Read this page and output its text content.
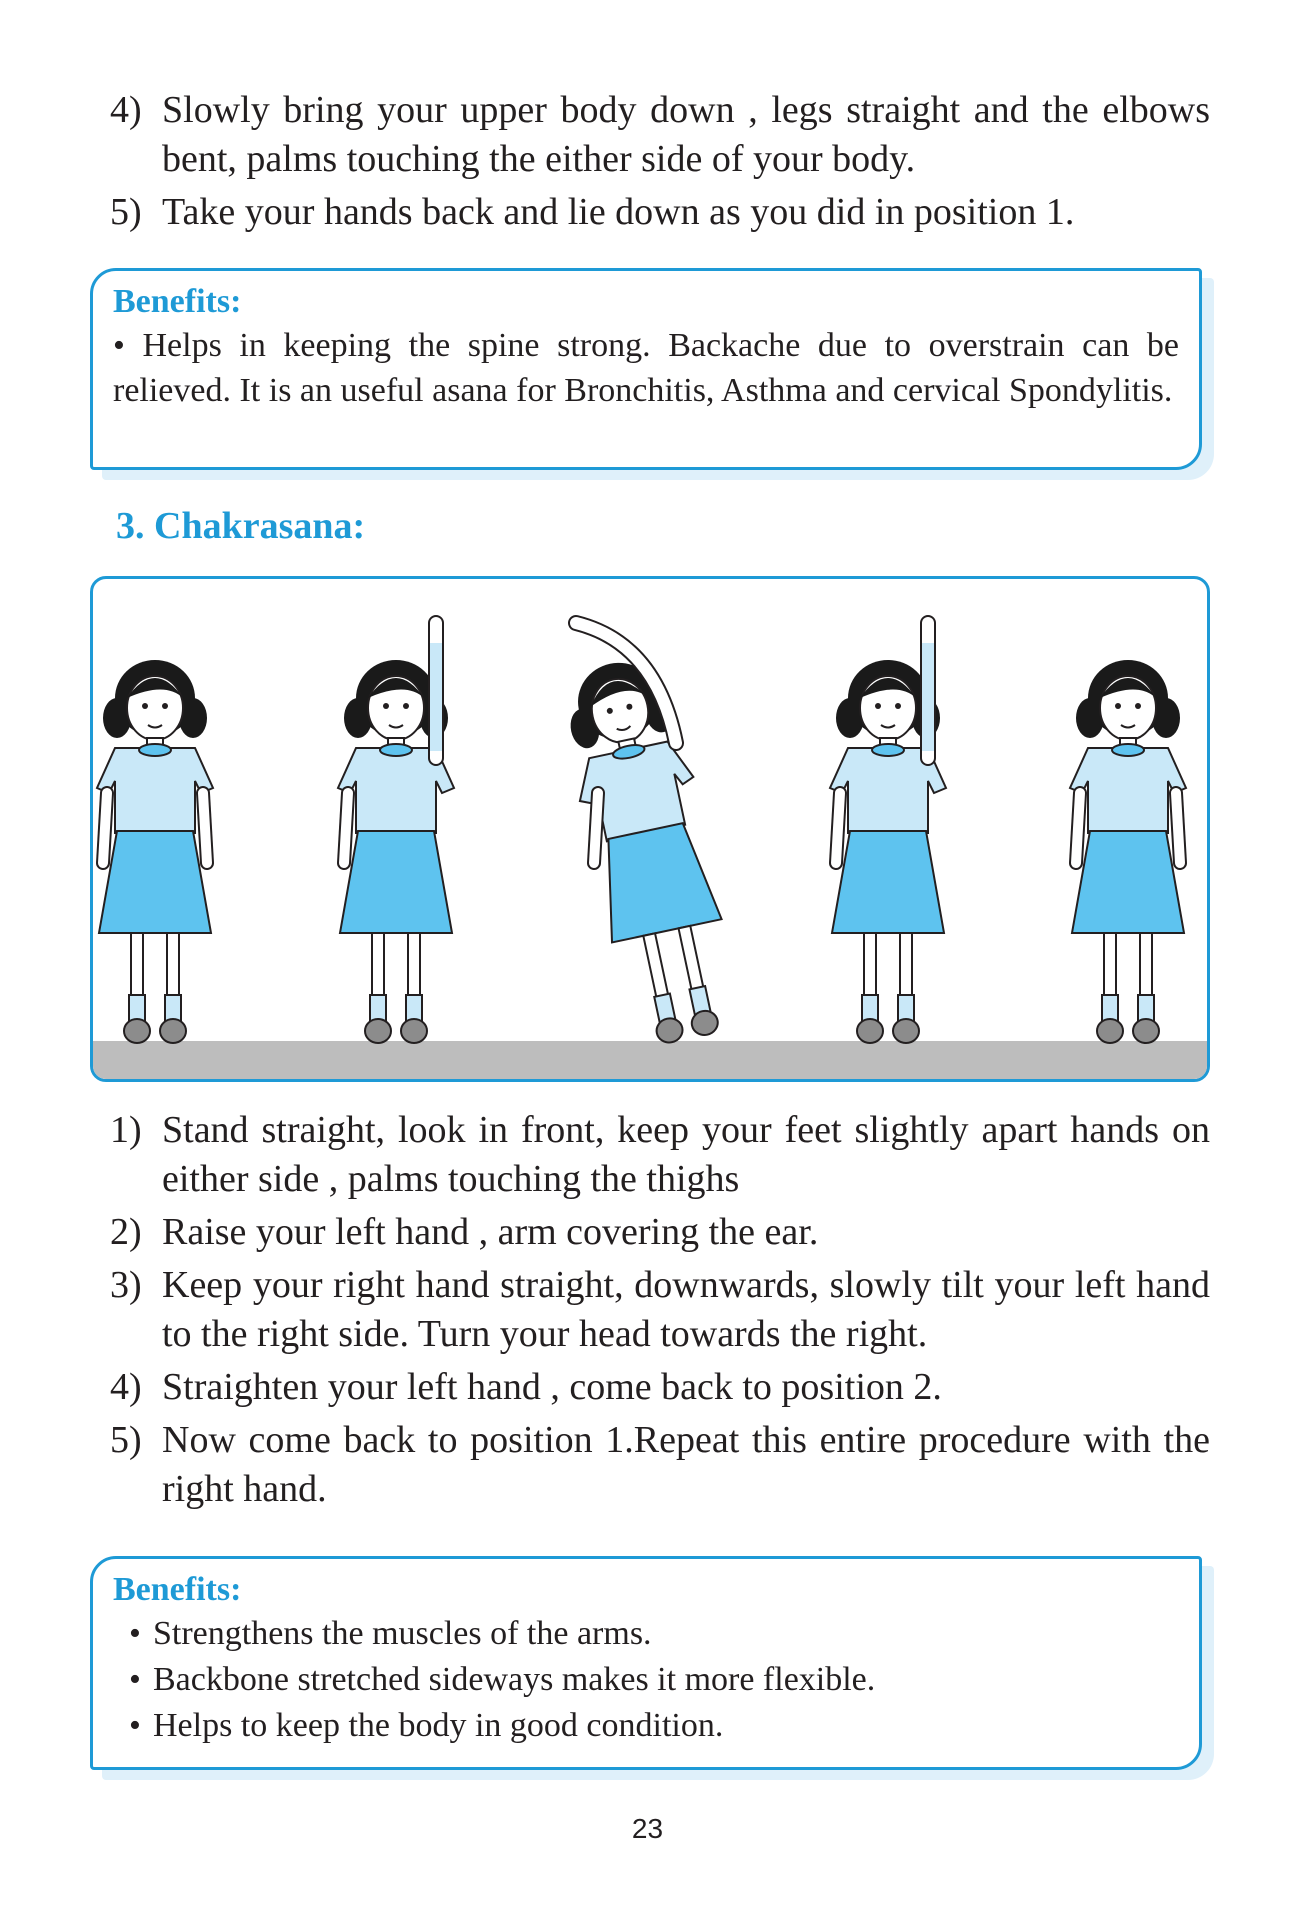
4) Slowly bring your upper body down , legs straight and the elbows bent, palms touching the either side of your body.
5) Take your hands back and lie down as you did in position 1.
Benefits:
• Helps in keeping the spine strong. Backache due to overstrain can be relieved. It is an useful asana for Bronchitis, Asthma and cervical Spondylitis.
3. Chakrasana:
1) Stand straight, look in front, keep your feet slightly apart hands on either side , palms touching the thighs
2) Raise your left hand , arm covering the ear.
3) Keep your right hand straight, downwards, slowly tilt your left hand to the right side. Turn your head towards the right.
4) Straighten your left hand , come back to position 2.
5) Now come back to position 1.Repeat this entire procedure with the right hand.
Benefits:
• Strengthens the muscles of the arms.
• Backbone stretched sideways makes it more flexible.
• Helps to keep the body in good condition.
23
